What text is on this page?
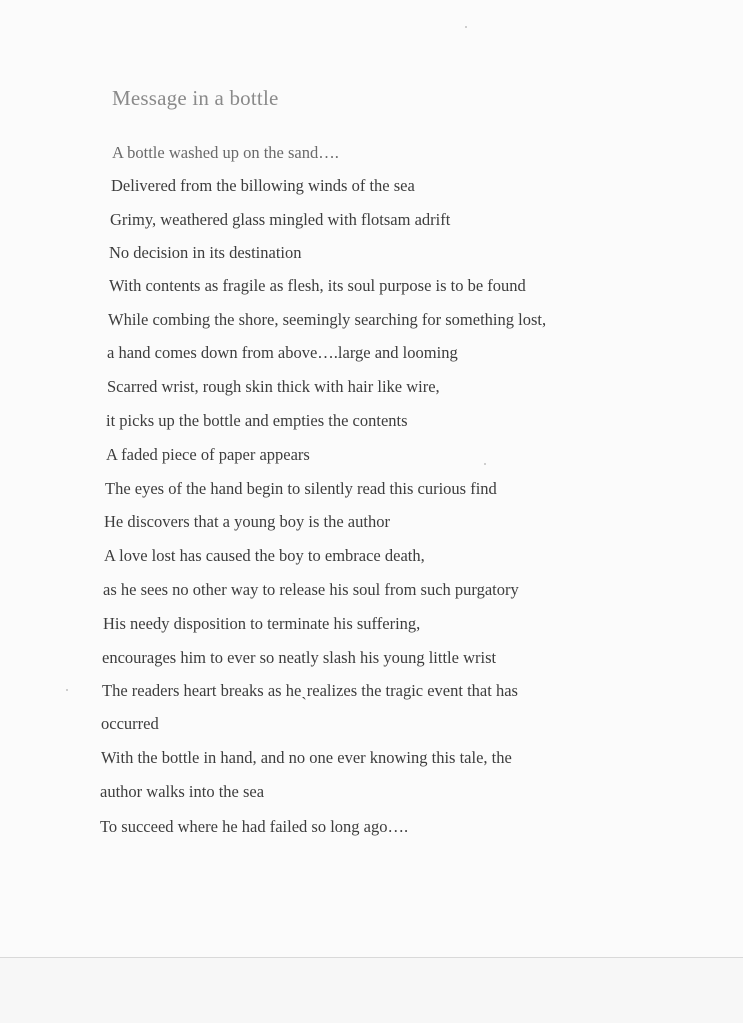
Message in a bottle
A bottle washed up on the sand….
Delivered from the billowing winds of the sea
Grimy, weathered glass mingled with flotsam adrift
No decision in its destination
With contents as fragile as flesh, its soul purpose is to be found
While combing the shore, seemingly searching for something lost,
a hand comes down from above….large and looming
Scarred wrist, rough skin thick with hair like wire,
it picks up the bottle and empties the contents
A faded piece of paper appears
The eyes of the hand begin to silently read this curious find
He discovers that a young boy is the author
A love lost has caused the boy to embrace death,
as he sees no other way to release his soul from such purgatory
His needy disposition to terminate his suffering,
encourages him to ever so neatly slash his young little wrist
The readers heart breaks as heˎrealizes the tragic event that has
occurred
With the bottle in hand, and no one ever knowing this tale, the
author walks into the sea
To succeed where he had failed so long ago….
